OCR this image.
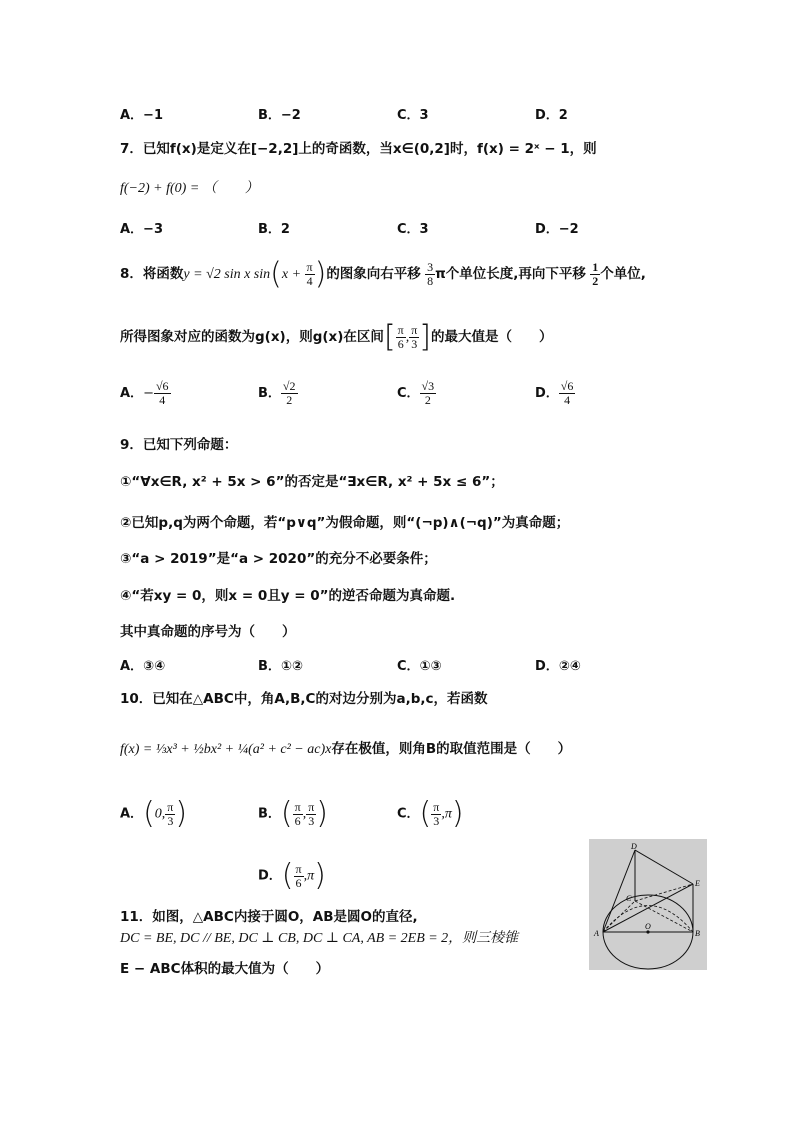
A．−1	B．−2	C．3	D．2
7．已知f(x)是定义在[−2,2]上的奇函数，当x∈(0,2]时，f(x) = 2ˣ − 1，则
f(−2) + f(0) = （　　）
A．−3	B．2	C．3	D．−2
8．将函数y = √2 sin x $\sin(x + \frac{\pi}{4}$ )的图象向右平移 $\frac{3}{8}$ π个单位长度,再向下平移 $\frac{1}{2}$ 个单位,
所得图象对应的函数为g(x)，则g(x)在区间[ $\frac{\pi}{6}$ , $\frac{\pi}{3}$ ]的最大值是（　　）
A．− $\frac{√6}{4}$	B． $\frac{√2}{2}$	C． $\frac{√3}{2}$	D． $\frac{√6}{4}$
9．已知下列命题：
①“∀x∈R, x² + 5x > 6”的否定是“∃x∈R, x² + 5x ≤ 6”；
②已知p,q为两个命题，若“p∨q”为假命题，则“(¬p)∧(¬q)”为真命题；
③“a > 2019”是“a > 2020”的充分不必要条件；
④“若xy = 0，则x = 0且y = 0”的逆否命题为真命题.
其中真命题的序号为（　　）
A．③④	B．①②	C．①③	D．②④
10．已知在△ABC中，角A,B,C的对边分别为a,b,c，若函数
f(x) = ⅓x³ + ½bx² + ¼(a² + c² − ac)x存在极值，则角B的取值范围是（　　）
A．(0, $\frac{\pi}{3}$ )	B．( $\frac{\pi}{6}$ , $\frac{\pi}{3}$ )	C．( $\frac{\pi}{3} ,\pi$)
D．( $\frac{\pi}{6} ,\pi$)
11．如图，△ABC内接于圆O，AB是圆O的直径,
DC = BE, DC // BE, DC ⊥ CB, DC ⊥ CA, AB = 2EB = 2，则三棱锥
E − ABC体积的最大值为（　　）
D
E
C
A
O
B
